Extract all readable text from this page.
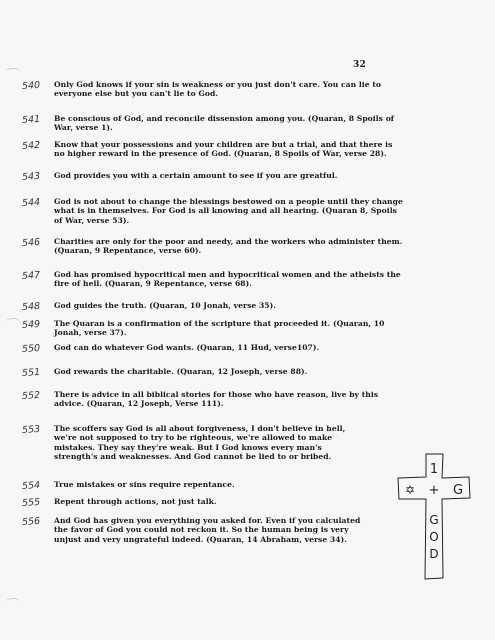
32
540	Only God knows if your sin is weakness or you just don't care. You can lie to everyone else but you can't lie to God.
541	Be conscious of God, and reconcile dissension among you. (Quaran, 8 Spoils of War, verse 1).
542	Know that your possessions and your children are but a trial, and that there is no higher reward in the presence of God. (Quaran, 8 Spoils of War, verse 28).
543	God provides you with a certain amount to see if you are greatful.
544	God is not about to change the blessings bestowed on a people until they change what is in themselves. For God is all knowing and all hearing. (Quaran 8, Spoils of War, verse 53).
546	Charities are only for the poor and needy, and the workers who administer them. (Quaran, 9 Repentance, verse 60).
547	God has promised hypocritical men and hypocritical women and the atheists the fire of hell. (Quaran, 9 Repentance, verse 68).
548	God guides the truth. (Quaran, 10 Jonah, verse 35).
549	The Quaran is a confirmation of the scripture that proceeded it. (Quaran, 10 Jonah, verse 37).
550	God can do whatever God wants. (Quaran, 11 Hud, verse107).
551	God rewards the charitable. (Quaran, 12 Joseph, verse 88).
552	There is advice in all biblical stories for those who have reason, live by this advice. (Quaran, 12 Joseph, Verse 111).
553	The scoffers say God is all about forgiveness, I don't believe in hell, we're not supposed to try to be righteous, we're allowed to make mistakes. They say they're weak. But I God knows every man's strength's and weaknesses. And God cannot be lied to or bribed.
554	True mistakes or sins require repentance.
555	Repent through actions, not just talk.
556	And God has given you everything you asked for. Even if you calculated the favor of God you could not reckon it. So the human being is very unjust and very ungrateful indeed. (Quaran, 14 Abraham, verse 34).
1
+ G
✡
G
O
D
